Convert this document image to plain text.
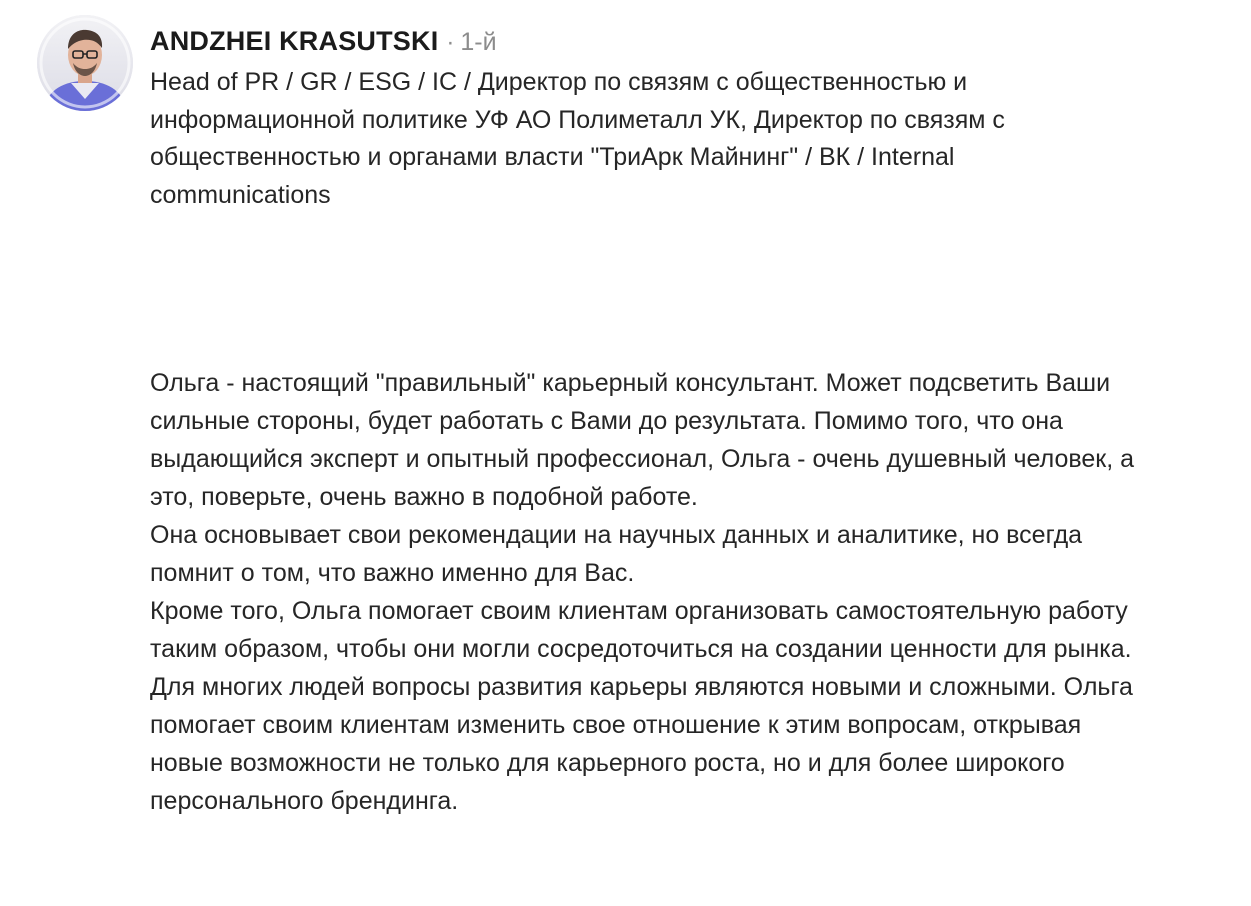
ANDZHEI KRASUTSKI · 1-й
Head of PR / GR / ESG / IC / Директор по связям с общественностью и информационной политике УФ АО Полиметалл УК, Директор по связям с общественностью и органами власти "ТриАрк Майнинг" / ВК / Internal communications

Ольга - настоящий "правильный" карьерный консультант. Может подсветить Ваши сильные стороны, будет работать с Вами до результата. Помимо того, что она выдающийся эксперт и опытный профессионал, Ольга - очень душевный человек, а это, поверьте, очень важно в подобной работе.

Она основывает свои рекомендации на научных данных и аналитике, но всегда помнит о том, что важно именно для Вас.

Кроме того, Ольга помогает своим клиентам организовать самостоятельную работу таким образом, чтобы они могли сосредоточиться на создании ценности для рынка.

Для многих людей вопросы развития карьеры являются новыми и сложными. Ольга помогает своим клиентам изменить свое отношение к этим вопросам, открывая новые возможности не только для карьерного роста, но и для более широкого персонального брендинга.
